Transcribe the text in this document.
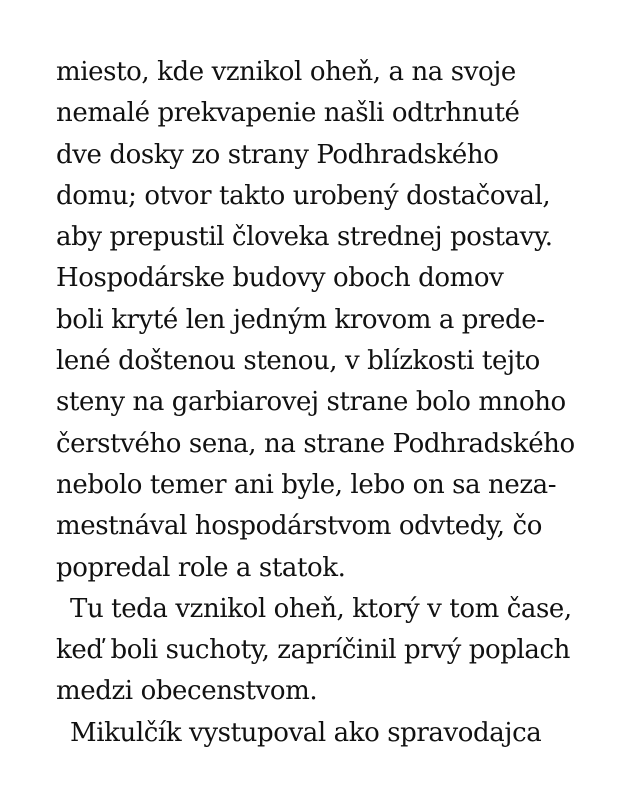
miesto, kde vznikol oheň, a na svoje
nemalé prekvapenie našli odtrhnuté
dve dosky zo strany Podhradského
domu; otvor takto urobený dostačoval,
aby prepustil človeka strednej postavy.
Hospodárske budovy oboch domov
boli kryté len jedným krovom a prede-
lené doštenou stenou, v blízkosti tejto
steny na garbiarovej strane bolo mnoho
čerstvého sena, na strane Podhradského
nebolo temer ani byle, lebo on sa neza-
mestnával hospodárstvom odvtedy, čo
popredal role a statok.
Tu teda vznikol oheň, ktorý v tom čase,
keď boli suchoty, zapríčinil prvý poplach
medzi obecenstvom.
Mikulčík vystupoval ako spravodajca
